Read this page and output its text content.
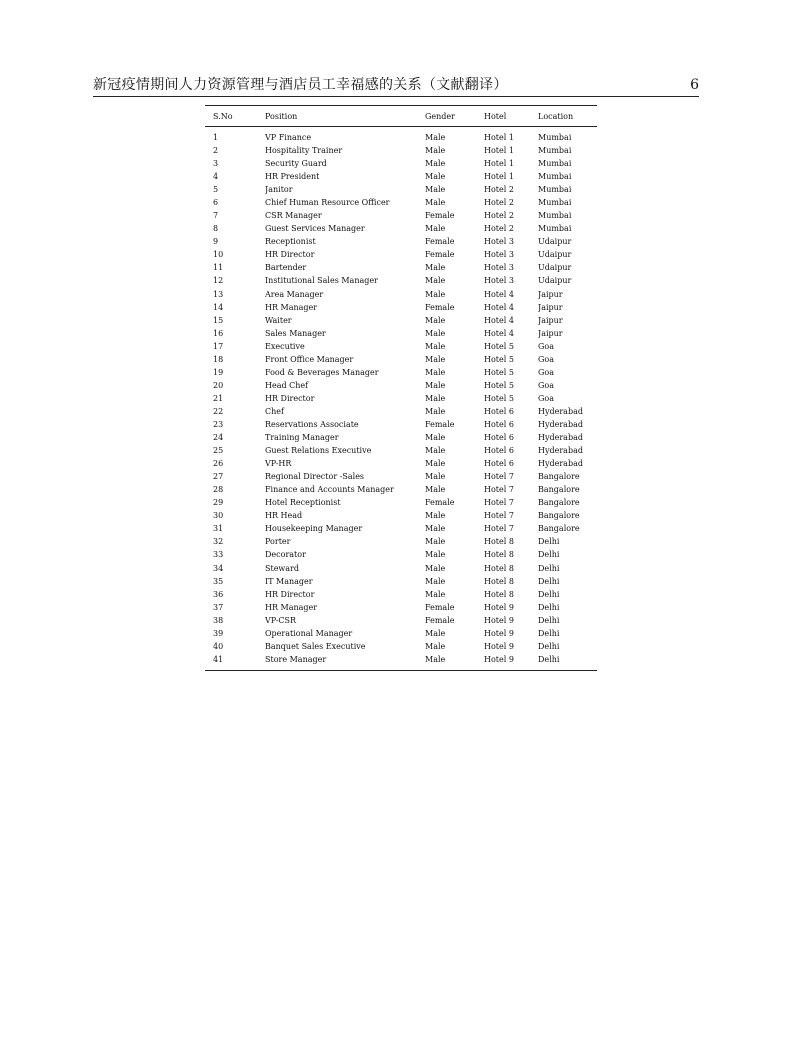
新冠疫情期间人力资源管理与酒店员工幸福感的关系（文献翻译）	6
S.No	Position	Gender	Hotel	Location
1	VP Finance	Male	Hotel 1	Mumbai
2	Hospitality Trainer	Male	Hotel 1	Mumbai
3	Security Guard	Male	Hotel 1	Mumbai
4	HR President	Male	Hotel 1	Mumbai
5	Janitor	Male	Hotel 2	Mumbai
6	Chief Human Resource Officer	Male	Hotel 2	Mumbai
7	CSR Manager	Female	Hotel 2	Mumbai
8	Guest Services Manager	Male	Hotel 2	Mumbai
9	Receptionist	Female	Hotel 3	Udaipur
10	HR Director	Female	Hotel 3	Udaipur
11	Bartender	Male	Hotel 3	Udaipur
12	Institutional Sales Manager	Male	Hotel 3	Udaipur
13	Area Manager	Male	Hotel 4	Jaipur
14	HR Manager	Female	Hotel 4	Jaipur
15	Waiter	Male	Hotel 4	Jaipur
16	Sales Manager	Male	Hotel 4	Jaipur
17	Executive	Male	Hotel 5	Goa
18	Front Office Manager	Male	Hotel 5	Goa
19	Food & Beverages Manager	Male	Hotel 5	Goa
20	Head Chef	Male	Hotel 5	Goa
21	HR Director	Male	Hotel 5	Goa
22	Chef	Male	Hotel 6	Hyderabad
23	Reservations Associate	Female	Hotel 6	Hyderabad
24	Training Manager	Male	Hotel 6	Hyderabad
25	Guest Relations Executive	Male	Hotel 6	Hyderabad
26	VP-HR	Male	Hotel 6	Hyderabad
27	Regional Director -Sales	Male	Hotel 7	Bangalore
28	Finance and Accounts Manager	Male	Hotel 7	Bangalore
29	Hotel Receptionist	Female	Hotel 7	Bangalore
30	HR Head	Male	Hotel 7	Bangalore
31	Housekeeping Manager	Male	Hotel 7	Bangalore
32	Porter	Male	Hotel 8	Delhi
33	Decorator	Male	Hotel 8	Delhi
34	Steward	Male	Hotel 8	Delhi
35	IT Manager	Male	Hotel 8	Delhi
36	HR Director	Male	Hotel 8	Delhi
37	HR Manager	Female	Hotel 9	Delhi
38	VP-CSR	Female	Hotel 9	Delhi
39	Operational Manager	Male	Hotel 9	Delhi
40	Banquet Sales Executive	Male	Hotel 9	Delhi
41	Store Manager	Male	Hotel 9	Delhi
